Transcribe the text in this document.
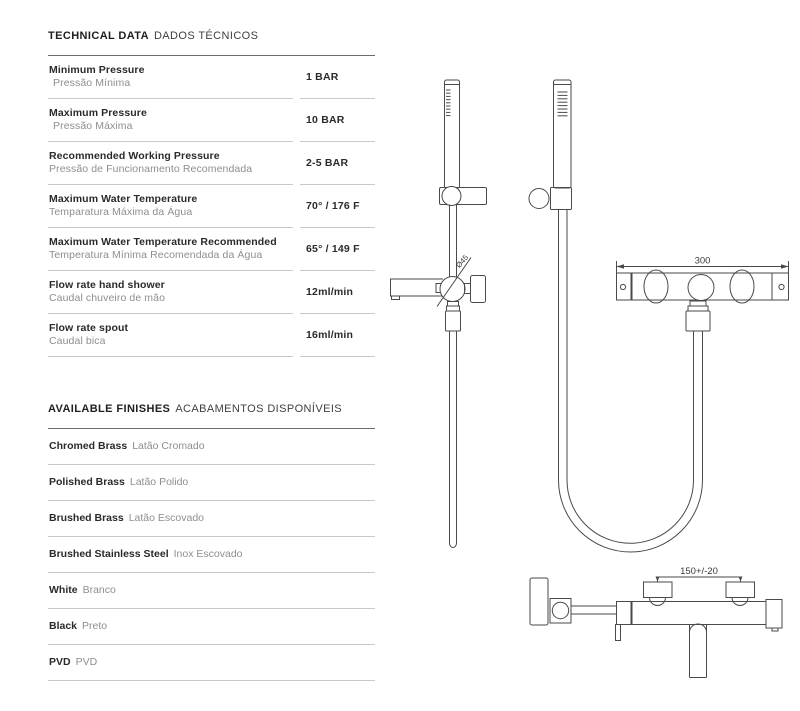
TECHNICAL DATA DADOS TÉCNICOS
Minimum Pressure
Pressão Mínima	1 BAR
Maximum Pressure
Pressão Máxima	10 BAR
Recommended Working Pressure
Pressão de Funcionamento Recomendada	2-5 BAR
Maximum Water Temperature
Temparatura Máxima da Água	70° / 176 F
Maximum Water Temperature Recommended
Temperatura Mínima Recomendada da Água	65° / 149 F
Flow rate hand shower
Caudal chuveiro de mão	12ml/min
Flow rate spout
Caudal bica	16ml/min
AVAILABLE FINISHES ACABAMENTOS DISPONÍVEIS
Chromed Brass Latão Cromado
Polished Brass Latão Polido
Brushed Brass Latão Escovado
Brushed Stainless Steel Inox Escovado
White Branco
Black Preto
PVD PVD
Ø45	300
150+/-20
